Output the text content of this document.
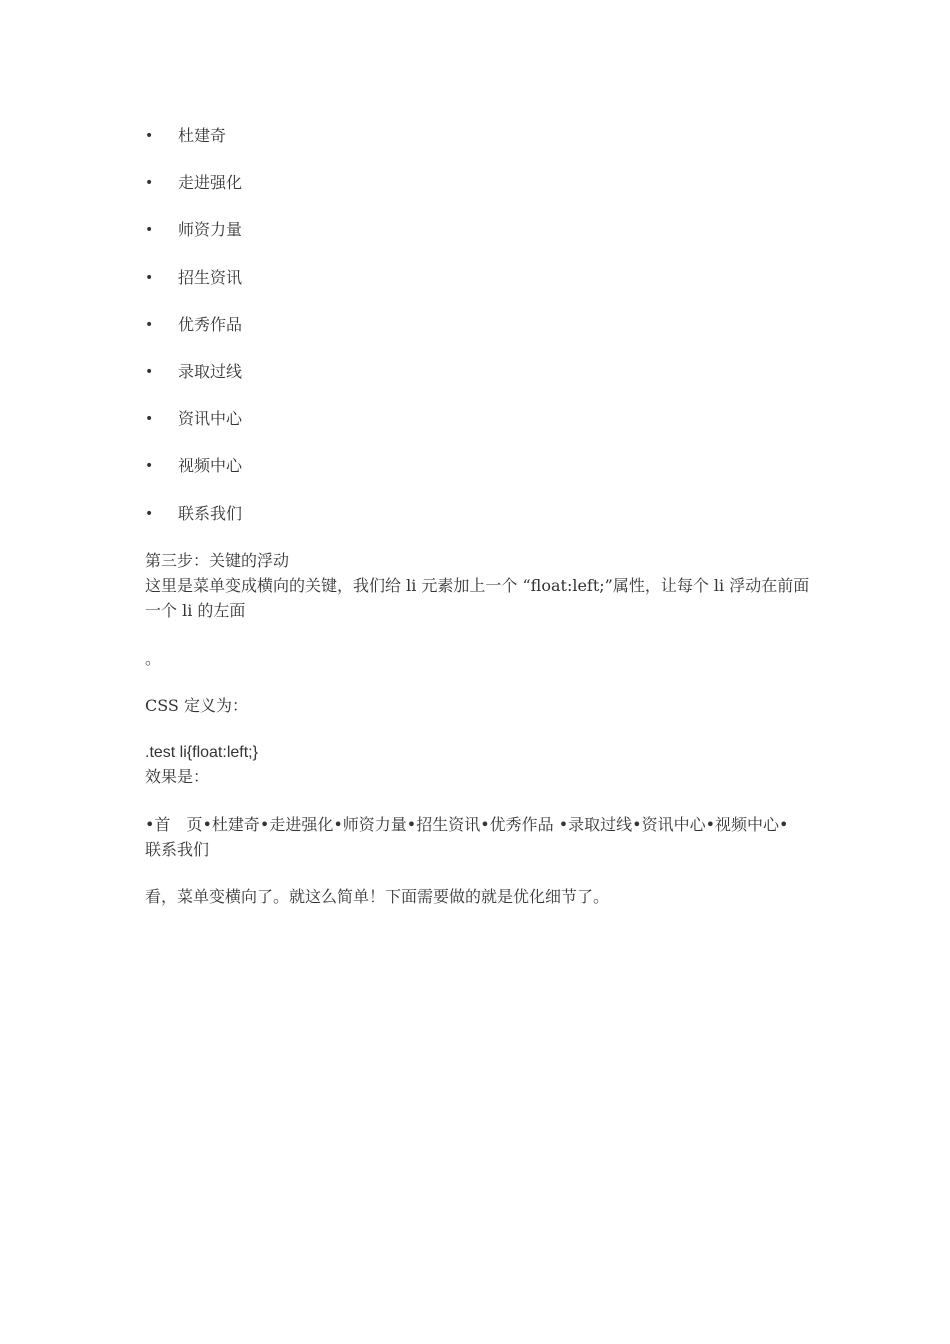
•	杜建奇
•	走进强化
•	师资力量
•	招生资讯
•	优秀作品
•	录取过线
•	资讯中心
•	视频中心
•	联系我们
第三步：关键的浮动
这里是菜单变成横向的关键，我们给 li 元素加上一个 “float:left;”属性，让每个 li 浮动在前面
一个 li 的左面
。
CSS 定义为：
.test li{float:left;}
效果是：
•首　页•杜建奇•走进强化•师资力量•招生资讯•优秀作品 •录取过线•资讯中心•视频中心•
联系我们
看，菜单变横向了。就这么简单！下面需要做的就是优化细节了。
